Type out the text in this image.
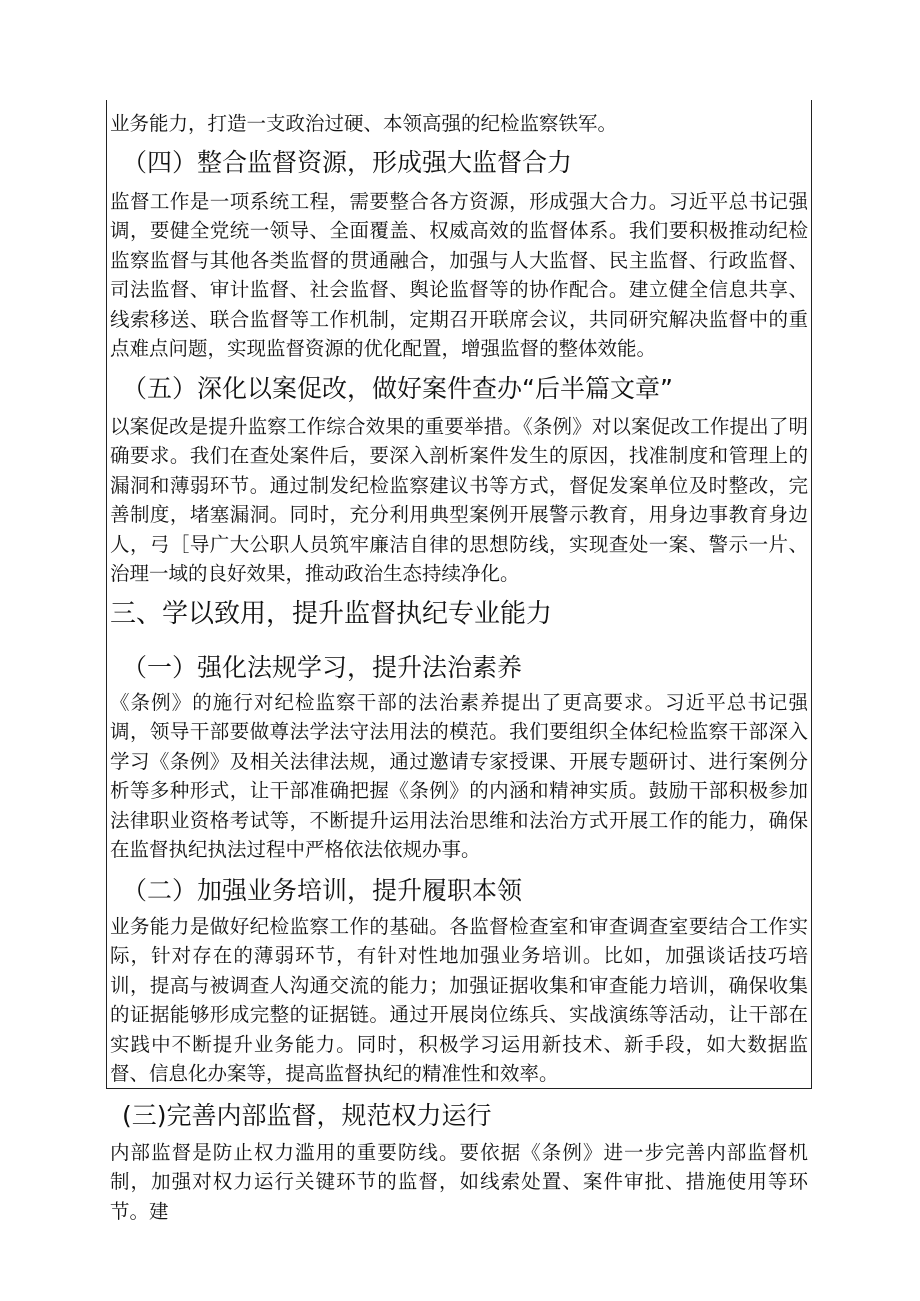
业务能力，打造一支政治过硬、本领高强的纪检监察铁军。
（四）整合监督资源，形成强大监督合力

监督工作是一项系统工程，需要整合各方资源，形成强大合力。习近平总书记强调，要健全党统一领导、全面覆盖、权威高效的监督体系。我们要积极推动纪检监察监督与其他各类监督的贯通融合，加强与人大监督、民主监督、行政监督、司法监督、审计监督、社会监督、舆论监督等的协作配合。建立健全信息共享、线索移送、联合监督等工作机制，定期召开联席会议，共同研究解决监督中的重点难点问题，实现监督资源的优化配置，增强监督的整体效能。

（五）深化以案促改，做好案件查办“后半篇文章”

以案促改是提升监察工作综合效果的重要举措。《条例》对以案促改工作提出了明确要求。我们在查处案件后，要深入剖析案件发生的原因，找准制度和管理上的漏洞和薄弱环节。通过制发纪检监察建议书等方式，督促发案单位及时整改，完善制度，堵塞漏洞。同时，充分利用典型案例开展警示教育，用身边事教育身边人，弓［导广大公职人员筑牢廉洁自律的思想防线，实现查处一案、警示一片、治理一域的良好效果，推动政治生态持续净化。

三、学以致用，提升监督执纪专业能力
（一）强化法规学习，提升法治素养

《条例》的施行对纪检监察干部的法治素养提出了更高要求。习近平总书记强调，领导干部要做尊法学法守法用法的模范。我们要组织全体纪检监察干部深入学习《条例》及相关法律法规，通过邀请专家授课、开展专题研讨、进行案例分析等多种形式，让干部准确把握《条例》的内涵和精神实质。鼓励干部积极参加法律职业资格考试等，不断提升运用法治思维和法治方式开展工作的能力，确保在监督执纪执法过程中严格依法依规办事。

（二）加强业务培训，提升履职本领

业务能力是做好纪检监察工作的基础。各监督检查室和审查调查室要结合工作实际，针对存在的薄弱环节，有针对性地加强业务培训。比如，加强谈话技巧培训，提高与被调查人沟通交流的能力；加强证据收集和审查能力培训，确保收集的证据能够形成完整的证据链。通过开展岗位练兵、实战演练等活动，让干部在实践中不断提升业务能力。同时，积极学习运用新技术、新手段，如大数据监督、信息化办案等，提高监督执纪的精准性和效率。

(三)完善内部监督，规范权力运行

内部监督是防止权力滥用的重要防线。要依据《条例》进一步完善内部监督机制，加强对权力运行关键环节的监督，如线索处置、案件审批、措施使用等环节。建
